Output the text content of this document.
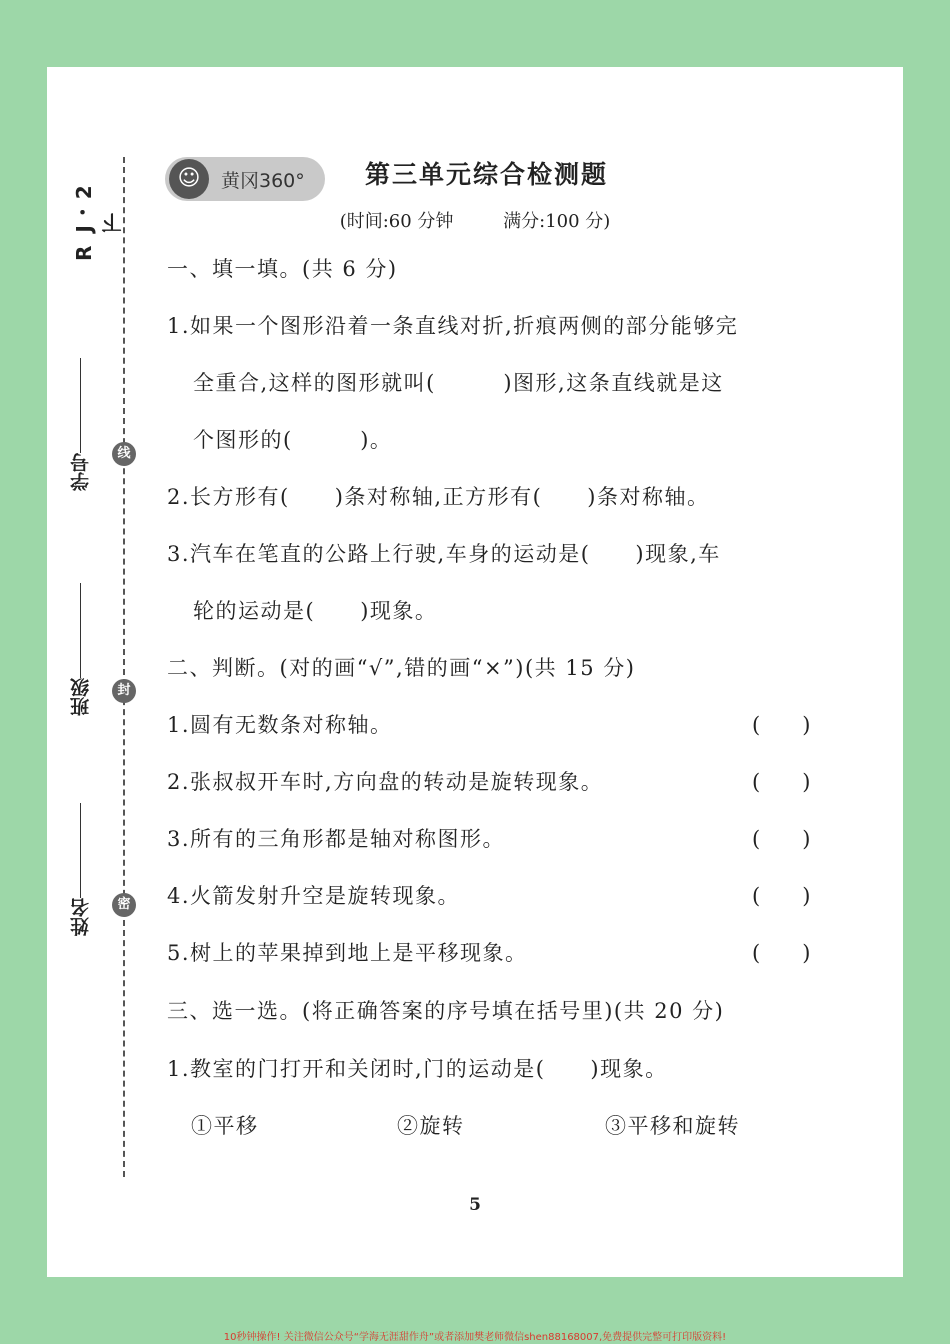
R J・2下
线
封
密
学号
班级
姓名
☺	黄冈360° 第三单元综合检测题
(时间:60 分钟	满分:100 分)
一、填一填。(共 6 分)
1.如果一个图形沿着一条直线对折,折痕两侧的部分能够完
全重合,这样的图形就叫(　　　)图形,这条直线就是这
个图形的(　　　)。
2.长方形有(　　)条对称轴,正方形有(　　)条对称轴。
3.汽车在笔直的公路上行驶,车身的运动是(　　)现象,车
轮的运动是(　　)现象。
二、判断。(对的画“√”,错的画“×”)(共 15 分)
1.圆有无数条对称轴。	(　　)
2.张叔叔开车时,方向盘的转动是旋转现象。	(　　)
3.所有的三角形都是轴对称图形。	(　　)
4.火箭发射升空是旋转现象。	(　　)
5.树上的苹果掉到地上是平移现象。	(　　)
三、选一选。(将正确答案的序号填在括号里)(共 20 分)
1.教室的门打开和关闭时,门的运动是(　　)现象。
①平移	②旋转	③平移和旋转
5
10秒钟操作! 关注微信公众号“学海无涯甜作舟”或者添加樊老师微信shen88168007,免费提供完整可打印版资料!
